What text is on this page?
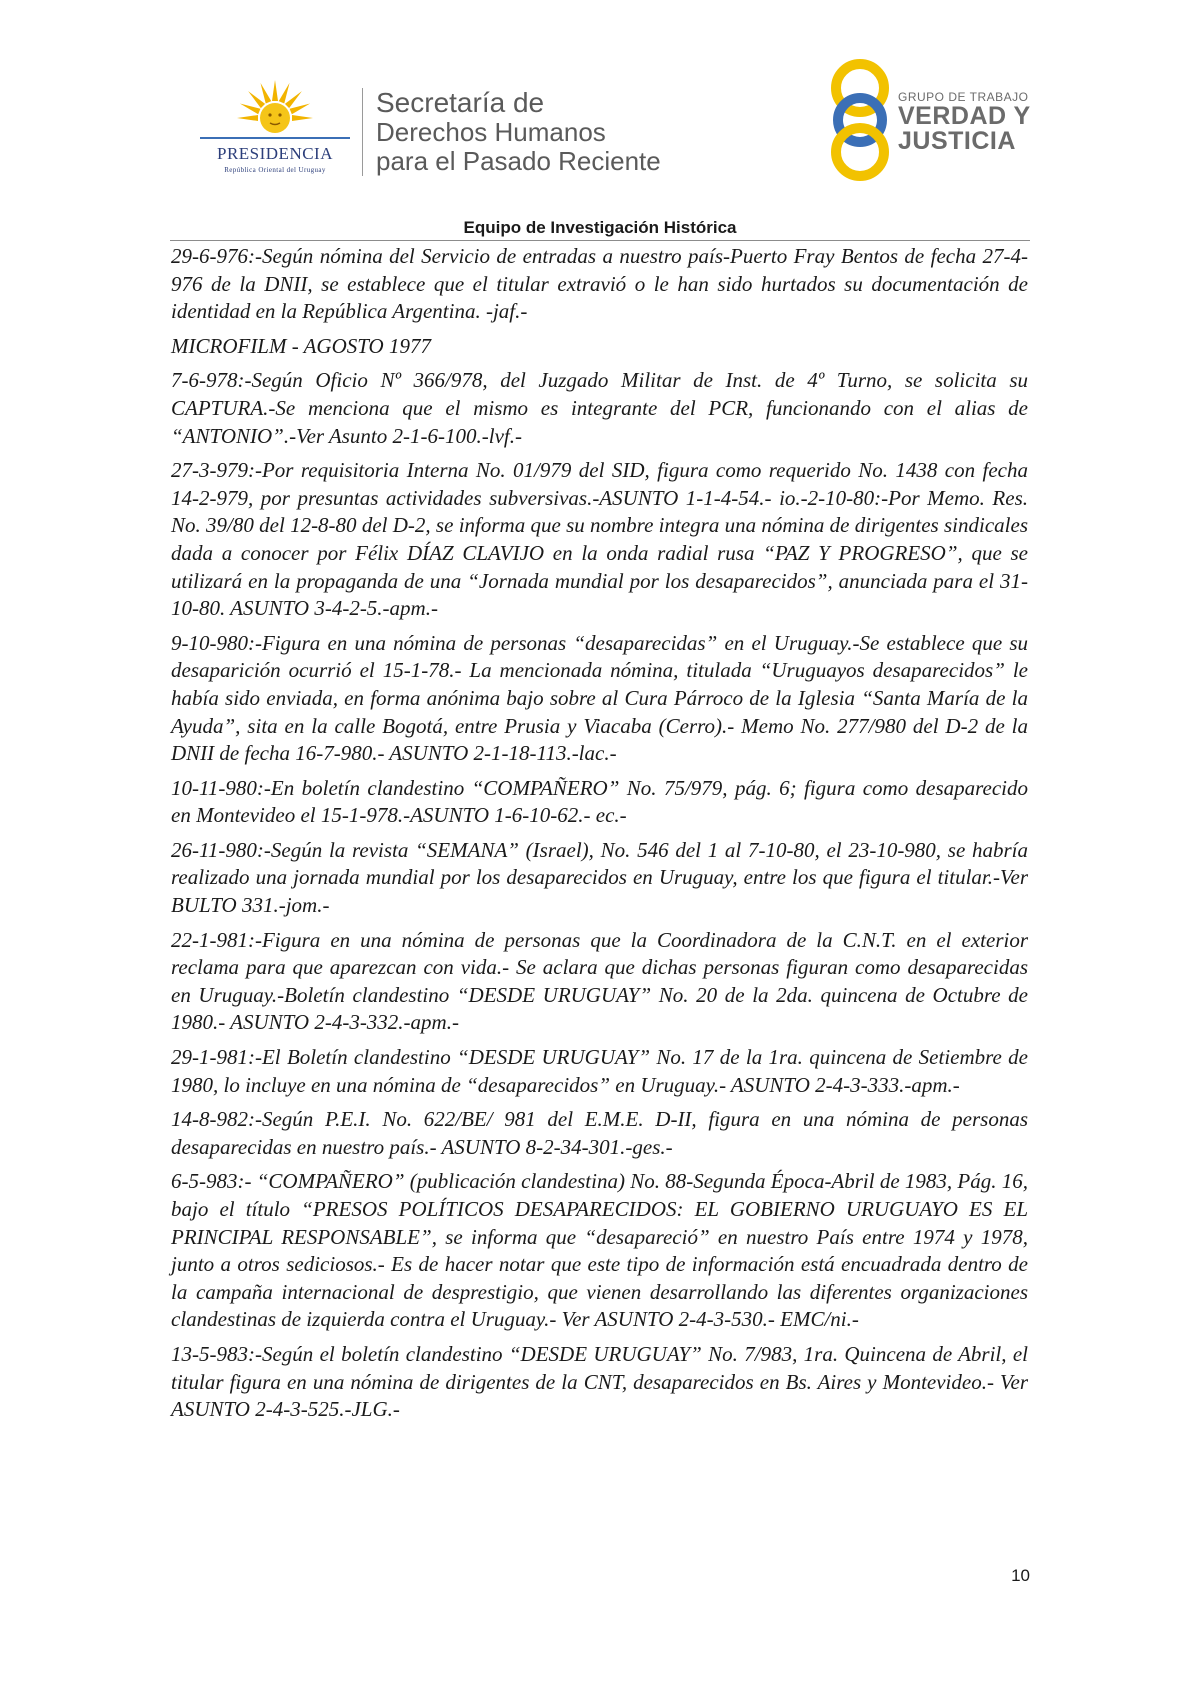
PRESIDENCIA
República Oriental del Uruguay
Secretaría de
Derechos Humanos
para el Pasado Reciente
GRUPO DE TRABAJO
VERDAD Y
JUSTICIA
Equipo de Investigación Histórica

29-6-976:-Según nómina del Servicio de entradas a nuestro país-Puerto Fray Bentos de fecha 27-4-976 de la DNII, se establece que el titular extravió o le han sido hurtados su documentación de identidad en la República Argentina. -jaf.-

MICROFILM - AGOSTO 1977

7-6-978:-Según Oficio Nº 366/978, del Juzgado Militar de Inst. de 4º Turno, se solicita su CAPTURA.-Se menciona que el mismo es integrante del PCR, funcionando con el alias de “ANTONIO”.-Ver Asunto 2-1-6-100.-lvf.-

27-3-979:-Por requisitoria Interna No. 01/979 del SID, figura como requerido No. 1438 con fecha 14-2-979, por presuntas actividades subversivas.-ASUNTO 1-1-4-54.- io.-2-10-80:-Por Memo. Res. No. 39/80 del 12-8-80 del D-2, se informa que su nombre integra una nómina de dirigentes sindicales dada a conocer por Félix DÍAZ CLAVIJO en la onda radial rusa “PAZ Y PROGRESO”, que se utilizará en la propaganda de una “Jornada mundial por los desaparecidos”, anunciada para el 31-10-80. ASUNTO 3-4-2-5.-apm.-

9-10-980:-Figura en una nómina de personas “desaparecidas” en el Uruguay.-Se establece que su desaparición ocurrió el 15-1-78.- La mencionada nómina, titulada “Uruguayos desaparecidos” le había sido enviada, en forma anónima bajo sobre al Cura Párroco de la Iglesia “Santa María de la Ayuda”, sita en la calle Bogotá, entre Prusia y Viacaba (Cerro).- Memo No. 277/980 del D-2 de la DNII de fecha 16-7-980.- ASUNTO 2-1-18-113.-lac.-

10-11-980:-En boletín clandestino “COMPAÑERO” No. 75/979, pág. 6; figura como desaparecido en Montevideo el 15-1-978.-ASUNTO 1-6-10-62.- ec.-

26-11-980:-Según la revista “SEMANA” (Israel), No. 546 del 1 al 7-10-80, el 23-10-980, se habría realizado una jornada mundial por los desaparecidos en Uruguay, entre los que figura el titular.-Ver BULTO 331.-jom.-

22-1-981:-Figura en una nómina de personas que la Coordinadora de la C.N.T. en el exterior reclama para que aparezcan con vida.- Se aclara que dichas personas figuran como desaparecidas en Uruguay.-Boletín clandestino “DESDE URUGUAY” No. 20 de la 2da. quincena de Octubre de 1980.- ASUNTO 2-4-3-332.-apm.-

29-1-981:-El Boletín clandestino “DESDE URUGUAY” No. 17 de la 1ra. quincena de Setiembre de 1980, lo incluye en una nómina de “desaparecidos” en Uruguay.- ASUNTO 2-4-3-333.-apm.-

14-8-982:-Según P.E.I. No. 622/BE/ 981 del E.M.E. D-II, figura en una nómina de personas desaparecidas en nuestro país.- ASUNTO 8-2-34-301.-ges.-

6-5-983:- “COMPAÑERO” (publicación clandestina) No. 88-Segunda Época-Abril de 1983, Pág. 16, bajo el título “PRESOS POLÍTICOS DESAPARECIDOS: EL GOBIERNO URUGUAYO ES EL PRINCIPAL RESPONSABLE”, se informa que “desapareció” en nuestro País entre 1974 y 1978, junto a otros sediciosos.- Es de hacer notar que este tipo de información está encuadrada dentro de la campaña internacional de desprestigio, que vienen desarrollando las diferentes organizaciones clandestinas de izquierda contra el Uruguay.- Ver ASUNTO 2-4-3-530.- EMC/ni.-

13-5-983:-Según el boletín clandestino “DESDE URUGUAY” No. 7/983, 1ra. Quincena de Abril, el titular figura en una nómina de dirigentes de la CNT, desaparecidos en Bs. Aires y Montevideo.- Ver ASUNTO 2-4-3-525.-JLG.-

10
